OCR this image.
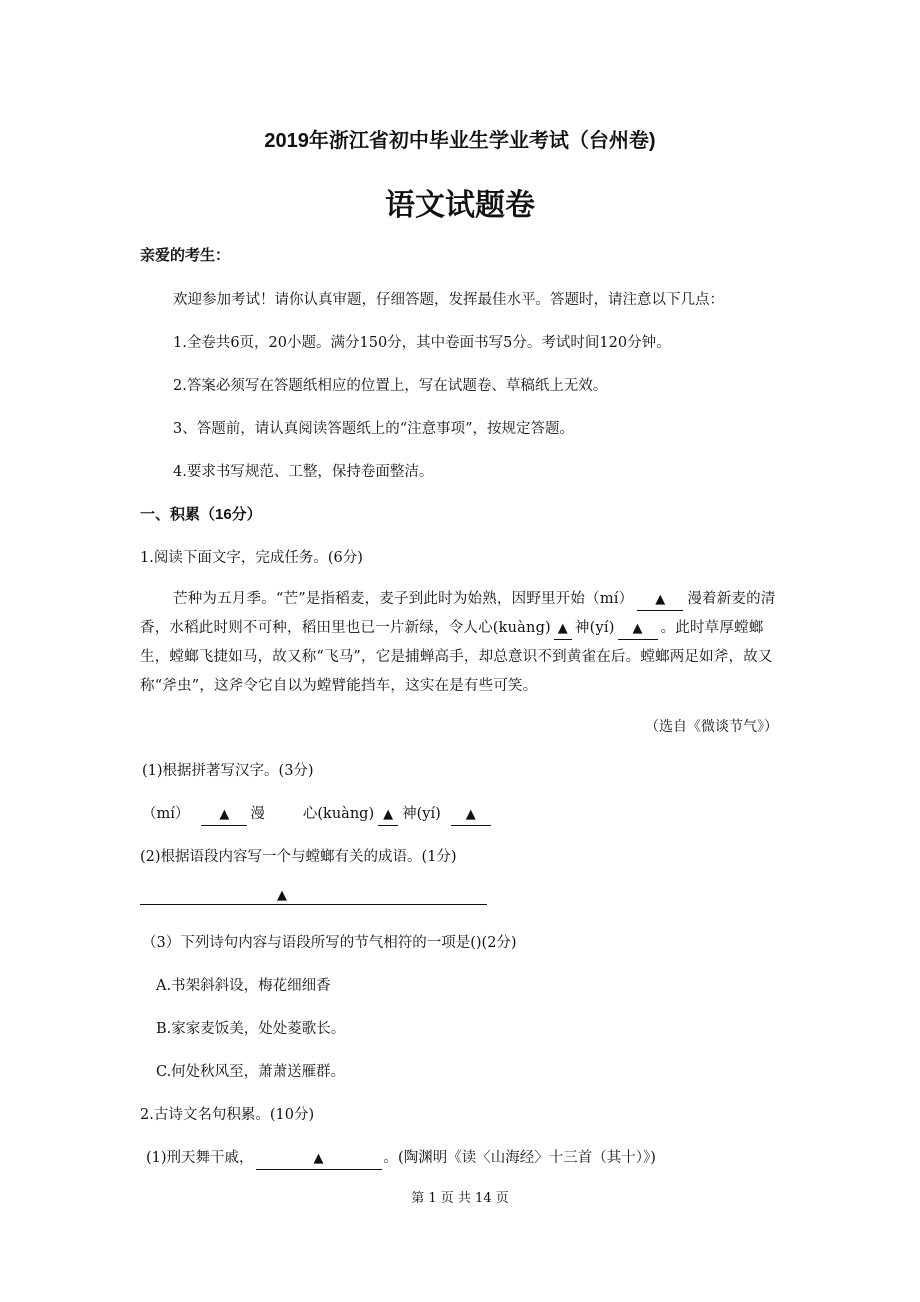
2019年浙江省初中毕业生学业考试（台州卷)
语文试题卷
亲爱的考生：
欢迎参加考试！请你认真审题，仔细答题，发挥最佳水平。答题时，请注意以下几点：
1.全卷共6页，20小题。满分150分，其中卷面书写5分。考试时间120分钟。
2.答案必须写在答题纸相应的位置上，写在试题卷、草稿纸上无效。
3、答题前，请认真阅读答题纸上的“注意事项”，按规定答题。
4.要求书写规范、工整，保持卷面整洁。
一、积累（16分）
1.阅读下面文字，完成任务。(6分)
芒种为五月季。“芒”是指稻麦，麦子到此时为始熟，因野里开始（mí） ▲ 漫着新麦的清香，水稻此时则不可种，稻田里也已一片新绿，令人心(kuàng) ▲ 神(yí) ▲ 。此时草厚螳螂生，螳螂飞捷如马，故又称“飞马”，它是捕蝉高手，却总意识不到黄雀在后。螳螂两足如斧，故又称“斧虫”，这斧令它自以为螳臂能挡车，这实在是有些可笑。
（选自《微谈节气》）
(1)根据拼著写汉字。(3分)
（mí） ▲ 漫	心(kuàng) ▲ 神(yí) ▲
(2)根据语段内容写一个与螳螂有关的成语。(1分)
▲
（3）下列诗句内容与语段所写的节气相符的一项是()(2分)
A.书架斜斜设，梅花细细香
B.家家麦饭美，处处菱歌长。
C.何处秋风至，萧萧送雁群。
2.古诗文名句积累。(10分)
(1)刑天舞干戚，	▲	。(陶渊明《读〈山海经〉十三首（其十）》)
第 1 页 共 14 页
